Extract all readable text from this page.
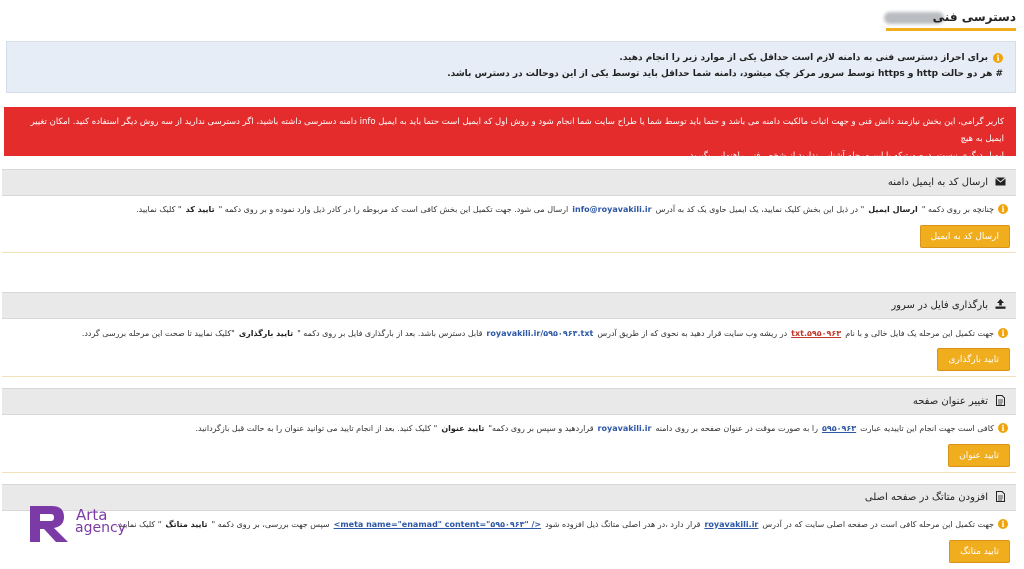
دسترسی فنی
i
برای احراز دسترسی فنی به دامنه لازم است حداقل یکی از موارد زیر را انجام دهید.
# هر دو حالت http و https توسط سرور مرکز چک میشود، دامنه شما حداقل باید توسط یکی از این دوحالت در دسترس باشد.
کاربر گرامی، این بخش نیازمند دانش فنی و جهت اثبات مالکیت دامنه می باشد و حتما باید توسط شما یا طراح سایت شما انجام شود و روش اول که ایمیل است حتما باید به ایمیل info دامنه دسترسی داشته باشید، اگر دسترسی ندارید از سه روش دیگر استفاده کنید. امکان تغییر ایمیل به هیچ
ایمیل دیگری نیست، درصورتیکه با این مرحله آشنایی ندارید از شخص فنی راهنمایی بگیرید
ارسال کد به ایمیل دامنه
i
چنانچه بر روی دکمه "
ارسال ایمیل
" در ذیل این بخش کلیک نمایید، یک ایمیل حاوی یک کد به آدرس
info@royavakili.ir
ارسال می شود. جهت تکمیل این بخش کافی است کد مربوطه را در کادر ذیل وارد نموده و بر روی دکمه "
تایید کد
" کلیک نمایید.
ارسال کد به ایمیل
بارگذاری فایل در سرور
i
جهت تکمیل این مرحله یک فایل خالی و با نام
۵۹۵۰۹۶۳.txt
در ریشه وب سایت قرار دهید به نحوی که از طریق آدرس
royavakili.ir/۵۹۵۰۹۶۳.txt
قابل دسترس باشد. بعد از بارگذاری فایل بر روی دکمه "
تایید بارگذاری
"کلیک نمایید تا صحت این مرحله بررسی گردد.
تایید بارگذاری
تغییر عنوان صفحه
i
کافی است جهت انجام این تاییدیه عبارت
۵۹۵۰۹۶۳
را به صورت موقت در عنوان صفحه بر روی دامنه
royavakili.ir
قراردهید و سپس بر روی دکمه"
تایید عنوان
" کلیک کنید. بعد از انجام تایید می توانید عنوان را به حالت قبل بازگردانید.
تایید عنوان
افزودن متاتگ در صفحه اصلی
i
جهت تکمیل این مرحله کافی است در صفحه اصلی سایت که در آدرس
royavakili.ir
قرار دارد ،در هدر اصلی متاتگ ذیل افزوده شود
<meta name="enamad" content="۵۹۵۰۹۶۳" />
سپس جهت بررسی، بر روی دکمه "
تایید متاتگ
" کلیک نمایید.
تایید متاتگ
Arta
agency
